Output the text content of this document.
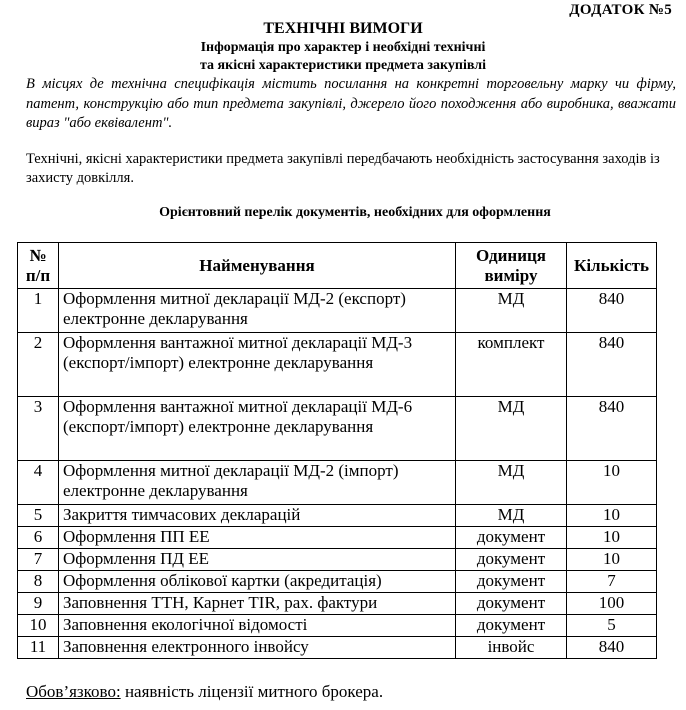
ДОДАТОК №5
ТЕХНІЧНІ ВИМОГИ
Інформація про характер і необхідні технічні
та якісні характеристики предмета закупівлі
В місцях де технічна специфікація містить посилання на конкретні торговельну марку чи фірму, патент, конструкцію або тип предмета закупівлі, джерело його походження або виробника, вважати вираз "або еквівалент".
Технічні, якісні характеристики предмета закупівлі передбачають необхідність застосування заходів із захисту довкілля.
Орієнтовний перелік документів, необхідних для оформлення
№ п/п	Найменування	Одиниця виміру	Кількість
1	Оформлення митної декларації МД-2 (експорт) електронне декларування	МД	840
2	Оформлення вантажної митної декларації МД-3 (експорт/імпорт) електронне декларування	комплект	840
3	Оформлення вантажної митної декларації МД-6 (експорт/імпорт) електронне декларування	МД	840
4	Оформлення митної декларації МД-2 (імпорт) електронне декларування	МД	10
5	Закриття тимчасових декларацій	МД	10
6	Оформлення ПП ЕЕ	документ	10
7	Оформлення ПД ЕЕ	документ	10
8	Оформлення облікової картки (акредитація)	документ	7
9	Заповнення ТТН, Карнет TIR, рах. фактури	документ	100
10	Заповнення екологічної відомості	документ	5
11	Заповнення електронного інвойсу	інвойс	840
Обов’язково: наявність ліцензії митного брокера.
